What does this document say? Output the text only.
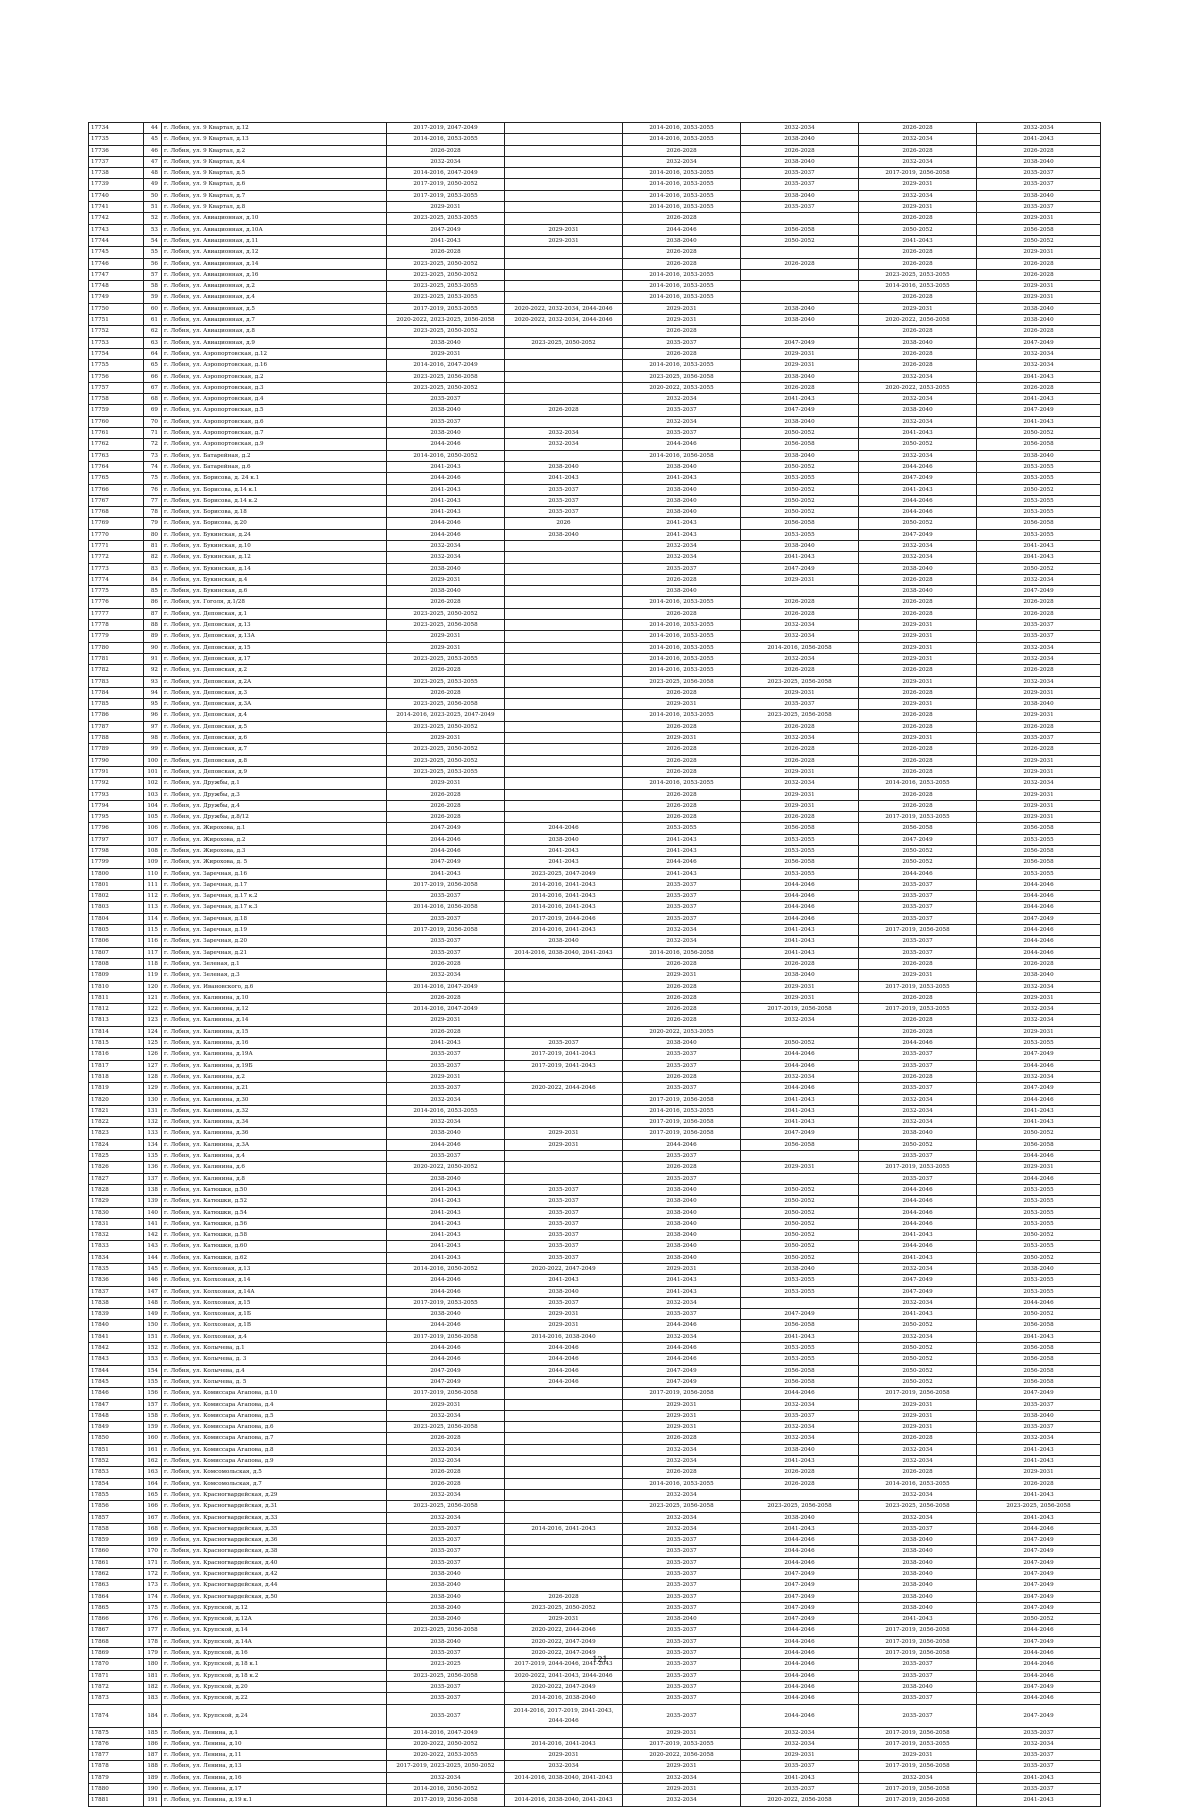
17734	44	г. Лобня, ул. 9 Квартал, д.12	2017-2019, 2047-2049		2014-2016, 2053-2055	2032-2034	2026-2028	2032-2034
17735	45	г. Лобня, ул. 9 Квартал, д.13	2014-2016, 2053-2055		2014-2016, 2053-2055	2038-2040	2032-2034	2041-2043
17736	46	г. Лобня, ул. 9 Квартал, д.2	2026-2028		2026-2028	2026-2028	2026-2028	2026-2028
17737	47	г. Лобня, ул. 9 Квартал, д.4	2032-2034		2032-2034	2038-2040	2032-2034	2038-2040
17738	48	г. Лобня, ул. 9 Квартал, д.5	2014-2016, 2047-2049		2014-2016, 2053-2055	2035-2037	2017-2019, 2056-2058	2035-2037
17739	49	г. Лобня, ул. 9 Квартал, д.6	2017-2019, 2050-2052		2014-2016, 2053-2055	2035-2037	2029-2031	2035-2037
17740	50	г. Лобня, ул. 9 Квартал, д.7	2017-2019, 2053-2055		2014-2016, 2053-2055	2038-2040	2032-2034	2038-2040
17741	51	г. Лобня, ул. 9 Квартал, д.8	2029-2031		2014-2016, 2053-2055	2035-2037	2029-2031	2035-2037
17742	52	г. Лобня, ул. Авиационная, д.10	2023-2025, 2053-2055		2026-2028		2026-2028	2029-2031
17743	53	г. Лобня, ул. Авиационная, д.10А	2047-2049	2029-2031	2044-2046	2056-2058	2050-2052	2056-2058
17744	54	г. Лобня, ул. Авиационная, д.11	2041-2043	2029-2031	2038-2040	2050-2052	2041-2043	2050-2052
17745	55	г. Лобня, ул. Авиационная, д.12	2026-2028		2026-2028		2026-2028	2029-2031
17746	56	г. Лобня, ул. Авиационная, д.14	2023-2025, 2050-2052		2026-2028	2026-2028	2026-2028	2026-2028
17747	57	г. Лобня, ул. Авиационная, д.16	2023-2025, 2050-2052		2014-2016, 2053-2055		2023-2025, 2053-2055	2026-2028
17748	58	г. Лобня, ул. Авиационная, д.2	2023-2025, 2053-2055		2014-2016, 2053-2055		2014-2016, 2053-2055	2029-2031
17749	59	г. Лобня, ул. Авиационная, д.4	2023-2025, 2053-2055		2014-2016, 2053-2055		2026-2028	2029-2031
17750	60	г. Лобня, ул. Авиационная, д.5	2017-2019, 2053-2055	2020-2022, 2032-2034, 2044-2046	2029-2031	2038-2040	2029-2031	2038-2040
17751	61	г. Лобня, ул. Авиационная, д.7	2020-2022, 2023-2025, 2056-2058	2020-2022, 2032-2034, 2044-2046	2029-2031	2038-2040	2020-2022, 2056-2058	2038-2040
17752	62	г. Лобня, ул. Авиационная, д.8	2023-2025, 2050-2052		2026-2028		2026-2028	2026-2028
17753	63	г. Лобня, ул. Авиационная, д.9	2038-2040	2023-2025, 2050-2052	2035-2037	2047-2049	2038-2040	2047-2049
17754	64	г. Лобня, ул. Аэропортовская, д.12	2029-2031		2026-2028	2029-2031	2026-2028	2032-2034
17755	65	г. Лобня, ул. Аэропортовская, д.16	2014-2016, 2047-2049		2014-2016, 2053-2055	2029-2031	2026-2028	2032-2034
17756	66	г. Лобня, ул. Аэропортовская, д.2	2023-2025, 2056-2058		2023-2025, 2056-2058	2038-2040	2032-2034	2041-2043
17757	67	г. Лобня, ул. Аэропортовская, д.3	2023-2025, 2050-2052		2020-2022, 2053-2055	2026-2028	2020-2022, 2053-2055	2026-2028
17758	68	г. Лобня, ул. Аэропортовская, д.4	2035-2037		2032-2034	2041-2043	2032-2034	2041-2043
17759	69	г. Лобня, ул. Аэропортовская, д.5	2038-2040	2026-2028	2035-2037	2047-2049	2038-2040	2047-2049
17760	70	г. Лобня, ул. Аэропортовская, д.6	2035-2037		2032-2034	2038-2040	2032-2034	2041-2043
17761	71	г. Лобня, ул. Аэропортовская, д.7	2038-2040	2032-2034	2035-2037	2050-2052	2041-2043	2050-2052
17762	72	г. Лобня, ул. Аэропортовская, д.9	2044-2046	2032-2034	2044-2046	2056-2058	2050-2052	2056-2058
17763	73	г. Лобня, ул. Батарейная, д.2	2014-2016, 2050-2052		2014-2016, 2056-2058	2038-2040	2032-2034	2038-2040
17764	74	г. Лобня, ул. Батарейная, д.6	2041-2043	2038-2040	2038-2040	2050-2052	2044-2046	2053-2055
17765	75	г. Лобня, ул. Борисова, д. 24 к.1	2044-2046	2041-2043	2041-2043	2053-2055	2047-2049	2053-2055
17766	76	г. Лобня, ул. Борисова, д.14 к.1	2041-2043	2035-2037	2038-2040	2050-2052	2041-2043	2050-2052
17767	77	г. Лобня, ул. Борисова, д.14 к.2	2041-2043	2035-2037	2038-2040	2050-2052	2044-2046	2053-2055
17768	78	г. Лобня, ул. Борисова, д.18	2041-2043	2035-2037	2038-2040	2050-2052	2044-2046	2053-2055
17769	79	г. Лобня, ул. Борисова, д.20	2044-2046	2026	2041-2043	2056-2058	2050-2052	2056-2058
17770	80	г. Лобня, ул. Букинская, д.24	2044-2046	2038-2040	2041-2043	2053-2055	2047-2049	2053-2055
17771	81	г. Лобня, ул. Букинская, д.10	2032-2034		2032-2034	2038-2040	2032-2034	2041-2043
17772	82	г. Лобня, ул. Букинская, д.12	2032-2034		2032-2034	2041-2043	2032-2034	2041-2043
17773	83	г. Лобня, ул. Букинская, д.14	2038-2040		2035-2037	2047-2049	2038-2040	2050-2052
17774	84	г. Лобня, ул. Букинская, д.4	2029-2031		2026-2028	2029-2031	2026-2028	2032-2034
17775	85	г. Лобня, ул. Букинская, д.6	2038-2040		2038-2040		2038-2040	2047-2049
17776	86	г. Лобня, ул. Гоголя, д.1/28	2026-2028		2014-2016, 2053-2055	2026-2028	2026-2028	2026-2028
17777	87	г. Лобня, ул. Деповская, д.1	2023-2025, 2050-2052		2026-2028	2026-2028	2026-2028	2026-2028
17778	88	г. Лобня, ул. Деповская, д.13	2023-2025, 2056-2058		2014-2016, 2053-2055	2032-2034	2029-2031	2035-2037
17779	89	г. Лобня, ул. Деповская, д.13А	2029-2031		2014-2016, 2053-2055	2032-2034	2029-2031	2035-2037
17780	90	г. Лобня, ул. Деповская, д.15	2029-2031		2014-2016, 2053-2055	2014-2016, 2056-2058	2029-2031	2032-2034
17781	91	г. Лобня, ул. Деповская, д.17	2023-2025, 2053-2055		2014-2016, 2053-2055	2032-2034	2029-2031	2032-2034
17782	92	г. Лобня, ул. Деповская, д.2	2026-2028		2014-2016, 2053-2055	2026-2028	2026-2028	2026-2028
17783	93	г. Лобня, ул. Деповская, д.2А	2023-2025, 2053-2055		2023-2025, 2056-2058	2023-2025, 2056-2058	2029-2031	2032-2034
17784	94	г. Лобня, ул. Деповская, д.3	2026-2028		2026-2028	2029-2031	2026-2028	2029-2031
17785	95	г. Лобня, ул. Деповская, д.3А	2023-2025, 2056-2058		2029-2031	2035-2037	2029-2031	2038-2040
17786	96	г. Лобня, ул. Деповская, д.4	2014-2016, 2023-2025, 2047-2049		2014-2016, 2053-2055	2023-2025, 2056-2058	2026-2028	2029-2031
17787	97	г. Лобня, ул. Деповская, д.5	2023-2025, 2050-2052		2026-2028	2026-2028	2026-2028	2026-2028
17788	98	г. Лобня, ул. Деповская, д.6	2029-2031		2029-2031	2032-2034	2029-2031	2035-2037
17789	99	г. Лобня, ул. Деповская, д.7	2023-2025, 2050-2052		2026-2028	2026-2028	2026-2028	2026-2028
17790	100	г. Лобня, ул. Деповская, д.8	2023-2025, 2050-2052		2026-2028	2026-2028	2026-2028	2029-2031
17791	101	г. Лобня, ул. Деповская, д.9	2023-2025, 2053-2055		2026-2028	2029-2031	2026-2028	2029-2031
17792	102	г. Лобня, ул. Дружбы, д.1	2029-2031		2014-2016, 2053-2055	2032-2034	2014-2016, 2053-2055	2032-2034
17793	103	г. Лобня, ул. Дружбы, д.3	2026-2028		2026-2028	2029-2031	2026-2028	2029-2031
17794	104	г. Лобня, ул. Дружбы, д.4	2026-2028		2026-2028	2029-2031	2026-2028	2029-2031
17795	105	г. Лобня, ул. Дружбы, д.8/12	2026-2028		2026-2028	2026-2028	2017-2019, 2053-2055	2029-2031
17796	106	г. Лобня, ул. Жирохова, д.1	2047-2049	2044-2046	2053-2055	2056-2058	2056-2058	2056-2058
17797	107	г. Лобня, ул. Жирохова, д.2	2044-2046	2038-2040	2041-2043	2053-2055	2047-2049	2053-2055
17798	108	г. Лобня, ул. Жирохова, д.3	2044-2046	2041-2043	2041-2043	2053-2055	2050-2052	2056-2058
17799	109	г. Лобня, ул. Жирохова, д. 5	2047-2049	2041-2043	2044-2046	2056-2058	2050-2052	2056-2058
17800	110	г. Лобня, ул. Заречная, д.16	2041-2043	2023-2025, 2047-2049	2041-2043	2053-2055	2044-2046	2053-2055
17801	111	г. Лобня, ул. Заречная, д.17	2017-2019, 2056-2058	2014-2016, 2041-2043	2035-2037	2044-2046	2035-2037	2044-2046
17802	112	г. Лобня, ул. Заречная, д.17 к.2	2035-2037	2014-2016, 2041-2043	2035-2037	2044-2046	2035-2037	2044-2046
17803	113	г. Лобня, ул. Заречная, д.17 к.3	2014-2016, 2056-2058	2014-2016, 2041-2043	2035-2037	2044-2046	2035-2037	2044-2046
17804	114	г. Лобня, ул. Заречная, д.18	2035-2037	2017-2019, 2044-2046	2035-2037	2044-2046	2035-2037	2047-2049
17805	115	г. Лобня, ул. Заречная, д.19	2017-2019, 2056-2058	2014-2016, 2041-2043	2032-2034	2041-2043	2017-2019, 2056-2058	2044-2046
17806	116	г. Лобня, ул. Заречная, д.20	2035-2037	2038-2040	2032-2034	2041-2043	2035-2037	2044-2046
17807	117	г. Лобня, ул. Заречная, д.21	2035-2037	2014-2016, 2038-2040, 2041-2043	2014-2016, 2056-2058	2041-2043	2035-2037	2044-2046
17808	118	г. Лобня, ул. Зеленая, д.1	2026-2028		2026-2028	2026-2028	2026-2028	2026-2028
17809	119	г. Лобня, ул. Зеленая, д.3	2032-2034		2029-2031	2038-2040	2029-2031	2038-2040
17810	120	г. Лобня, ул. Ивановского, д.6	2014-2016, 2047-2049		2026-2028	2029-2031	2017-2019, 2053-2055	2032-2034
17811	121	г. Лобня, ул. Калинина, д.10	2026-2028		2026-2028	2029-2031	2026-2028	2029-2031
17812	122	г. Лобня, ул. Калинина, д.12	2014-2016, 2047-2049		2026-2028	2017-2019, 2056-2058	2017-2019, 2053-2055	2032-2034
17813	123	г. Лобня, ул. Калинина, д.14	2029-2031		2026-2028	2032-2034	2026-2028	2032-2034
17814	124	г. Лобня, ул. Калинина, д.15	2026-2028		2020-2022, 2053-2055		2026-2028	2029-2031
17815	125	г. Лобня, ул. Калинина, д.16	2041-2043	2035-2037	2038-2040	2050-2052	2044-2046	2053-2055
17816	126	г. Лобня, ул. Калинина, д.19А	2035-2037	2017-2019, 2041-2043	2035-2037	2044-2046	2035-2037	2047-2049
17817	127	г. Лобня, ул. Калинина, д.19Б	2035-2037	2017-2019, 2041-2043	2035-2037	2044-2046	2035-2037	2044-2046
17818	128	г. Лобня, ул. Калинина, д.2	2029-2031		2026-2028	2032-2034	2026-2028	2032-2034
17819	129	г. Лобня, ул. Калинина, д.21	2035-2037	2020-2022, 2044-2046	2035-2037	2044-2046	2035-2037	2047-2049
17820	130	г. Лобня, ул. Калинина, д.30	2032-2034		2017-2019, 2056-2058	2041-2043	2032-2034	2044-2046
17821	131	г. Лобня, ул. Калинина, д.32	2014-2016, 2053-2055		2014-2016, 2053-2055	2041-2043	2032-2034	2041-2043
17822	132	г. Лобня, ул. Калинина, д.34	2032-2034		2017-2019, 2056-2058	2041-2043	2032-2034	2041-2043
17823	133	г. Лобня, ул. Калинина, д.36	2038-2040	2029-2031	2017-2019, 2056-2058	2047-2049	2038-2040	2050-2052
17824	134	г. Лобня, ул. Калинина, д.3А	2044-2046	2029-2031	2044-2046	2056-2058	2050-2052	2056-2058
17825	135	г. Лобня, ул. Калинина, д.4	2035-2037		2035-2037		2035-2037	2044-2046
17826	136	г. Лобня, ул. Калинина, д.6	2020-2022, 2050-2052		2026-2028	2029-2031	2017-2019, 2053-2055	2029-2031
17827	137	г. Лобня, ул. Калинина, д.8	2038-2040		2035-2037		2035-2037	2044-2046
17828	138	г. Лобня, ул. Катюшки, д.50	2041-2043	2035-2037	2038-2040	2050-2052	2044-2046	2053-2055
17829	139	г. Лобня, ул. Катюшки, д.52	2041-2043	2035-2037	2038-2040	2050-2052	2044-2046	2053-2055
17830	140	г. Лобня, ул. Катюшки, д.54	2041-2043	2035-2037	2038-2040	2050-2052	2044-2046	2053-2055
17831	141	г. Лобня, ул. Катюшки, д.56	2041-2043	2035-2037	2038-2040	2050-2052	2044-2046	2053-2055
17832	142	г. Лобня, ул. Катюшки, д.58	2041-2043	2035-2037	2038-2040	2050-2052	2041-2043	2050-2052
17833	143	г. Лобня, ул. Катюшки, д.60	2041-2043	2035-2037	2038-2040	2050-2052	2044-2046	2053-2055
17834	144	г. Лобня, ул. Катюшки, д.62	2041-2043	2035-2037	2038-2040	2050-2052	2041-2043	2050-2052
17835	145	г. Лобня, ул. Колхозная, д.13	2014-2016, 2050-2052	2020-2022, 2047-2049	2029-2031	2038-2040	2032-2034	2038-2040
17836	146	г. Лобня, ул. Колхозная, д.14	2044-2046	2041-2043	2041-2043	2053-2055	2047-2049	2053-2055
17837	147	г. Лобня, ул. Колхозная, д.14А	2044-2046	2038-2040	2041-2043	2053-2055	2047-2049	2053-2055
17838	148	г. Лобня, ул. Колхозная, д.15	2017-2019, 2053-2055	2035-2037	2032-2034		2032-2034	2044-2046
17839	149	г. Лобня, ул. Колхозная, д.1Б	2038-2040	2029-2031	2035-2037	2047-2049	2041-2043	2050-2052
17840	150	г. Лобня, ул. Колхозная, д.1В	2044-2046	2029-2031	2044-2046	2056-2058	2050-2052	2056-2058
17841	151	г. Лобня, ул. Колхозная, д.4	2017-2019, 2056-2058	2014-2016, 2038-2040	2032-2034	2041-2043	2032-2034	2041-2043
17842	152	г. Лобня, ул. Колычева, д.1	2044-2046	2044-2046	2044-2046	2053-2055	2050-2052	2056-2058
17843	153	г. Лобня, ул. Колычева, д. 3	2044-2046	2044-2046	2044-2046	2053-2055	2050-2052	2056-2058
17844	154	г. Лобня, ул. Колычева, д.4	2047-2049	2044-2046	2047-2049	2056-2058	2050-2052	2056-2058
17845	155	г. Лобня, ул. Колычева, д. 5	2047-2049	2044-2046	2047-2049	2056-2058	2050-2052	2056-2058
17846	156	г. Лобня, ул. Комиссара Агапова, д.10	2017-2019, 2056-2058		2017-2019, 2056-2058	2044-2046	2017-2019, 2056-2058	2047-2049
17847	157	г. Лобня, ул. Комиссара Агапова, д.4	2029-2031		2029-2031	2032-2034	2029-2031	2035-2037
17848	158	г. Лобня, ул. Комиссара Агапова, д.5	2032-2034		2029-2031	2035-2037	2029-2031	2038-2040
17849	159	г. Лобня, ул. Комиссара Агапова, д.6	2023-2025, 2056-2058		2029-2031	2032-2034	2029-2031	2035-2037
17850	160	г. Лобня, ул. Комиссара Агапова, д.7	2026-2028		2026-2028	2032-2034	2026-2028	2032-2034
17851	161	г. Лобня, ул. Комиссара Агапова, д.8	2032-2034		2032-2034	2038-2040	2032-2034	2041-2043
17852	162	г. Лобня, ул. Комиссара Агапова, д.9	2032-2034		2032-2034	2041-2043	2032-2034	2041-2043
17853	163	г. Лобня, ул. Комсомольская, д.5	2026-2028		2026-2028	2026-2028	2026-2028	2029-2031
17854	164	г. Лобня, ул. Комсомольская, д.7	2026-2028		2014-2016, 2053-2055	2026-2028	2014-2016, 2053-2055	2026-2028
17855	165	г. Лобня, ул. Красногвардейская, д.29	2032-2034		2032-2034		2032-2034	2041-2043
17856	166	г. Лобня, ул. Красногвардейская, д.31	2023-2025, 2056-2058		2023-2025, 2056-2058	2023-2025, 2056-2058	2023-2025, 2056-2058	2023-2025, 2056-2058
17857	167	г. Лобня, ул. Красногвардейская, д.33	2032-2034		2032-2034	2038-2040	2032-2034	2041-2043
17858	168	г. Лобня, ул. Красногвардейская, д.35	2035-2037	2014-2016, 2041-2043	2032-2034	2041-2043	2035-2037	2044-2046
17859	169	г. Лобня, ул. Красногвардейская, д.36	2035-2037		2035-2037	2044-2046	2038-2040	2047-2049
17860	170	г. Лобня, ул. Красногвардейская, д.38	2035-2037		2035-2037	2044-2046	2038-2040	2047-2049
17861	171	г. Лобня, ул. Красногвардейская, д.40	2035-2037		2035-2037	2044-2046	2038-2040	2047-2049
17862	172	г. Лобня, ул. Красногвардейская, д.42	2038-2040		2035-2037	2047-2049	2038-2040	2047-2049
17863	173	г. Лобня, ул. Красногвардейская, д.44	2038-2040		2035-2037	2047-2049	2038-2040	2047-2049
17864	174	г. Лобня, ул. Красногвардейская, д.50	2038-2040	2026-2028	2035-2037	2047-2049	2038-2040	2047-2049
17865	175	г. Лобня, ул. Крупской, д.12	2038-2040	2023-2025, 2050-2052	2035-2037	2047-2049	2038-2040	2047-2049
17866	176	г. Лобня, ул. Крупской, д.12А	2038-2040	2029-2031	2038-2040	2047-2049	2041-2043	2050-2052
17867	177	г. Лобня, ул. Крупской, д.14	2023-2025, 2056-2058	2020-2022, 2044-2046	2035-2037	2044-2046	2017-2019, 2056-2058	2044-2046
17868	178	г. Лобня, ул. Крупской, д.14А	2038-2040	2020-2022, 2047-2049	2035-2037	2044-2046	2017-2019, 2056-2058	2047-2049
17869	179	г. Лобня, ул. Крупской, д.16	2035-2037	2020-2022, 2047-2049	2035-2037	2044-2046	2017-2019, 2056-2058	2044-2046
17870	180	г. Лобня, ул. Крупской, д.18 к.1	2023-2025	2017-2019, 2044-2046, 2041-2043	2035-2037	2044-2046	2035-2037	2044-2046
17871	181	г. Лобня, ул. Крупской, д.18 к.2	2023-2025, 2056-2058	2020-2022, 2041-2043, 2044-2046	2035-2037	2044-2046	2035-2037	2044-2046
17872	182	г. Лобня, ул. Крупской, д.20	2035-2037	2020-2022, 2047-2049	2035-2037	2044-2046	2038-2040	2047-2049
17873	183	г. Лобня, ул. Крупской, д.22	2035-2037	2014-2016, 2038-2040	2035-2037	2044-2046	2035-2037	2044-2046
17874	184	г. Лобня, ул. Крупской, д.24	2035-2037	2014-2016, 2017-2019, 2041-2043, 2044-2046	2035-2037	2044-2046	2035-2037	2047-2049
17875	185	г. Лобня, ул. Ленина, д.1	2014-2016, 2047-2049		2029-2031	2032-2034	2017-2019, 2056-2058	2035-2037
17876	186	г. Лобня, ул. Ленина, д.10	2020-2022, 2050-2052	2014-2016, 2041-2043	2017-2019, 2053-2055	2032-2034	2017-2019, 2053-2055	2032-2034
17877	187	г. Лобня, ул. Ленина, д.11	2020-2022, 2053-2055	2029-2031	2020-2022, 2056-2058	2029-2031	2029-2031	2035-2037
17878	188	г. Лобня, ул. Ленина, д.13	2017-2019, 2023-2025, 2050-2052	2032-2034	2029-2031	2035-2037	2017-2019, 2056-2058	2035-2037
17879	189	г. Лобня, ул. Ленина, д.16	2032-2034	2014-2016, 2038-2040, 2041-2043	2032-2034	2041-2043	2032-2034	2041-2043
17880	190	г. Лобня, ул. Ленина, д.17	2014-2016, 2050-2052		2029-2031	2035-2037	2017-2019, 2056-2058	2035-2037
17881	191	г. Лобня, ул. Ленина, д.19 к.1	2017-2019, 2056-2058	2014-2016, 2038-2040, 2041-2043	2032-2034	2020-2022, 2056-2058	2017-2019, 2056-2058	2041-2043
121
